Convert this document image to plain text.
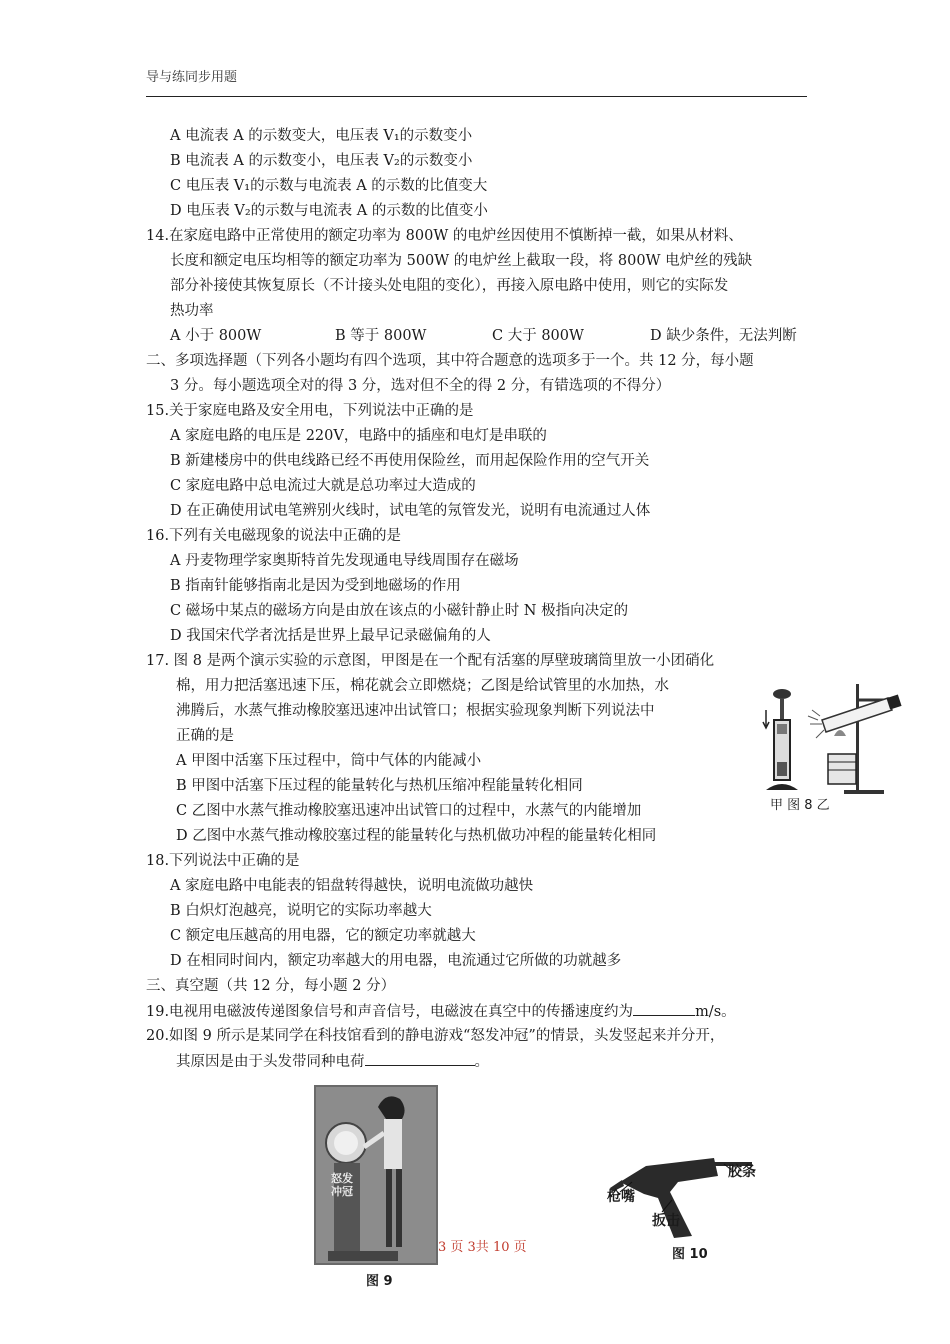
导与练同步用题
A 电流表 A 的示数变大，电压表 V₁的示数变小
B 电流表 A 的示数变小，电压表 V₂的示数变小
C 电压表 V₁的示数与电流表 A 的示数的比值变大
D 电压表 V₂的示数与电流表 A 的示数的比值变小
14.在家庭电路中正常使用的额定功率为 800W 的电炉丝因使用不慎断掉一截，如果从材料、
长度和额定电压均相等的额定功率为 500W 的电炉丝上截取一段，将 800W 电炉丝的残缺
部分补接使其恢复原长（不计接头处电阻的变化），再接入原电路中使用，则它的实际发
热功率
A 小于 800W	B 等于 800W	C 大于 800W	D 缺少条件，无法判断
二、多项选择题（下列各小题均有四个选项，其中符合题意的选项多于一个。共 12 分，每小题
3 分。每小题选项全对的得 3 分，选对但不全的得 2 分，有错选项的不得分）
15.关于家庭电路及安全用电，下列说法中正确的是
A 家庭电路的电压是 220V，电路中的插座和电灯是串联的
B 新建楼房中的供电线路已经不再使用保险丝，而用起保险作用的空气开关
C 家庭电路中总电流过大就是总功率过大造成的
D 在正确使用试电笔辨别火线时，试电笔的氖管发光，说明有电流通过人体
16.下列有关电磁现象的说法中正确的是
A 丹麦物理学家奥斯特首先发现通电导线周围存在磁场
B 指南针能够指南北是因为受到地磁场的作用
C 磁场中某点的磁场方向是由放在该点的小磁针静止时 N 极指向决定的
D 我国宋代学者沈括是世界上最早记录磁偏角的人
17. 图 8 是两个演示实验的示意图，甲图是在一个配有活塞的厚壁玻璃筒里放一小团硝化
棉，用力把活塞迅速下压，棉花就会立即燃烧；乙图是给试管里的水加热，水
沸腾后，水蒸气推动橡胶塞迅速冲出试管口；根据实验现象判断下列说法中
正确的是
A 甲图中活塞下压过程中，筒中气体的内能减小
B 甲图中活塞下压过程的能量转化与热机压缩冲程能量转化相同
C 乙图中水蒸气推动橡胶塞迅速冲出试管口的过程中，水蒸气的内能增加
D 乙图中水蒸气推动橡胶塞过程的能量转化与热机做功冲程的能量转化相同
甲 图 8 乙
18.下列说法中正确的是
A 家庭电路中电能表的铝盘转得越快，说明电流做功越快
B 白炽灯泡越亮，说明它的实际功率越大
C 额定电压越高的用电器，它的额定功率就越大
D 在相同时间内，额定功率越大的用电器，电流通过它所做的功就越多
三、真空题（共 12 分，每小题 2 分）
19.电视用电磁波传递图象信号和声音信号，电磁波在真空中的传播速度约为	m/s。
20.如图 9 所示是某同学在科技馆看到的静电游戏“怒发冲冠”的情景，头发竖起来并分开，
其原因是由于头发带同种电荷	。
怒发冲冠
图 9
3 页 3共 10 页
胶条
枪嘴
扳击
图 10
